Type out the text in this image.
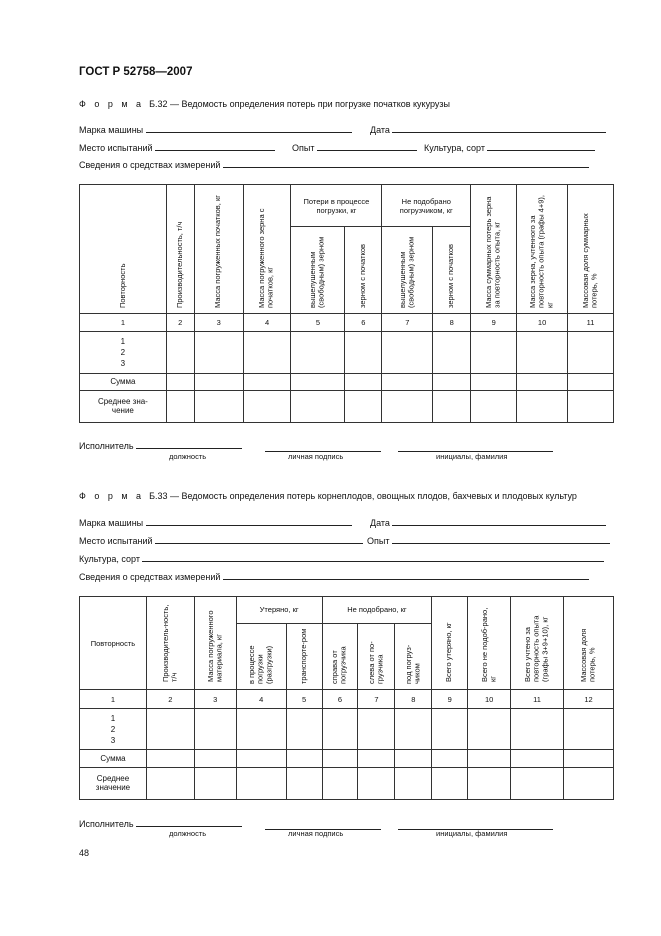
ГОСТ Р 52758—2007
Ф о р м а Б.32 — Ведомость определения потерь при погрузке початков кукурузы
Марка машины	Дата
Место испытаний	Опыт	Культура, сорт
Сведения о средствах измерений
Повторность	Производительность, т/ч	Масса погруженных початков, кг	Масса погруженного зерна с початков, кг	Потери в процессе погрузки, кг		Не подобрано погрузчиком, кг		Масса суммарных потерь зерна за повторность опыта, кг	Масса зерна, учтенного за повторность опыта (графы 4+9), кг	Массовая доля суммарных потерь, %
				вышелушенным (свободным) зерном	зерном с початков	вышелушенным (свободным) зерном	зерном с початков			
1	2	3	4	5	6	7	8	9	10	11
1
2
3										
Сумма										
Среднее зна-
чение										
Исполнитель
должность	личная подпись	инициалы, фамилия
Ф о р м а Б.33 — Ведомость определения потерь корнеплодов, овощных плодов, бахчевых и плодовых культур
Марка машины	Дата
Место испытаний	Опыт
Культура, сорт
Сведения о средствах измерений
Повторность	Производитель-ность, т/ч	Масса погруженного материала, кг	Утеряно, кг		Не подобрано, кг			Всего утеряно, кг	Всего не подоб-рано, кг	Всего учтено за повторность опыта (графы 3+9+10), кг	Массовая доля потерь, %
			в процессе погрузки (разгрузки)	транспорте-ром	справа от погрузчика	слева от по-грузчика	под погруз-чиком				
1	2	3	4	5	6	7	8	9	10	11	12
1
2
3											
Сумма											
Среднее
значение											
Исполнитель
должность	личная подпись	инициалы, фамилия
48
